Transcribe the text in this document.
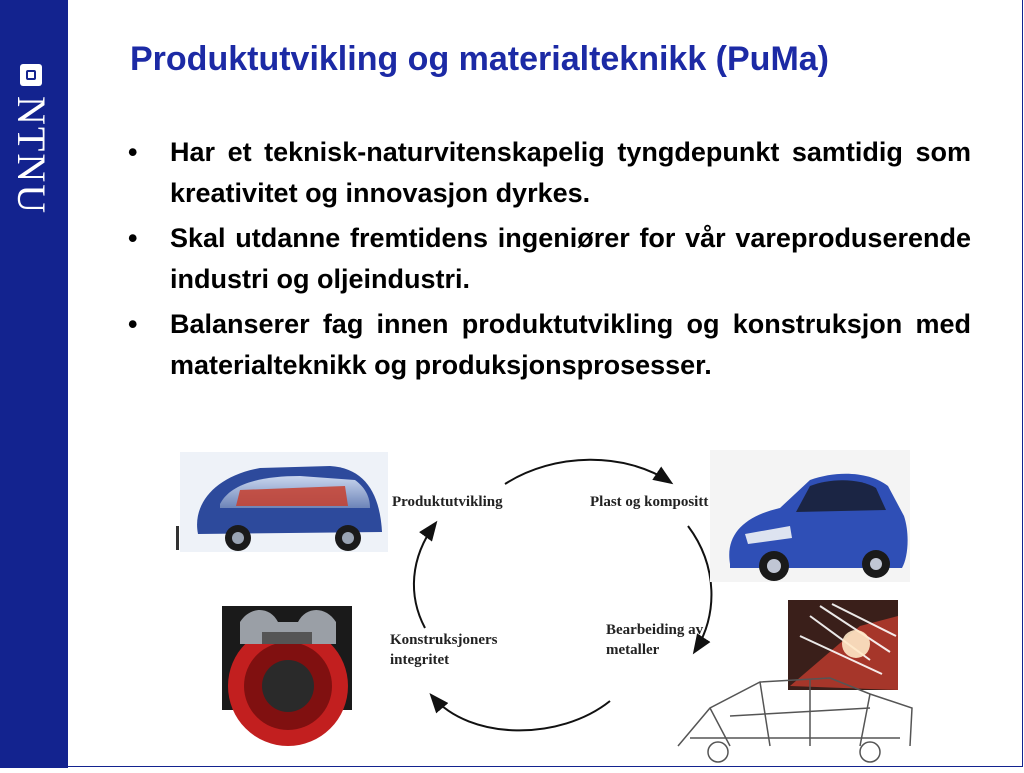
NTNU
Produktutvikling og materialteknikk (PuMa)
• Har et teknisk-naturvitenskapelig tyngdepunkt samtidig som kreativitet og innovasjon dyrkes.
• Skal utdanne fremtidens ingeniører for vår vareproduserende industri og oljeindustri.
• Balanserer fag innen produktutvikling og konstruksjon med materialteknikk og produksjonsprosesser.
Produktutvikling	Plast og kompositt
Bearbeiding av
metaller
Konstruksjoners
integritet
